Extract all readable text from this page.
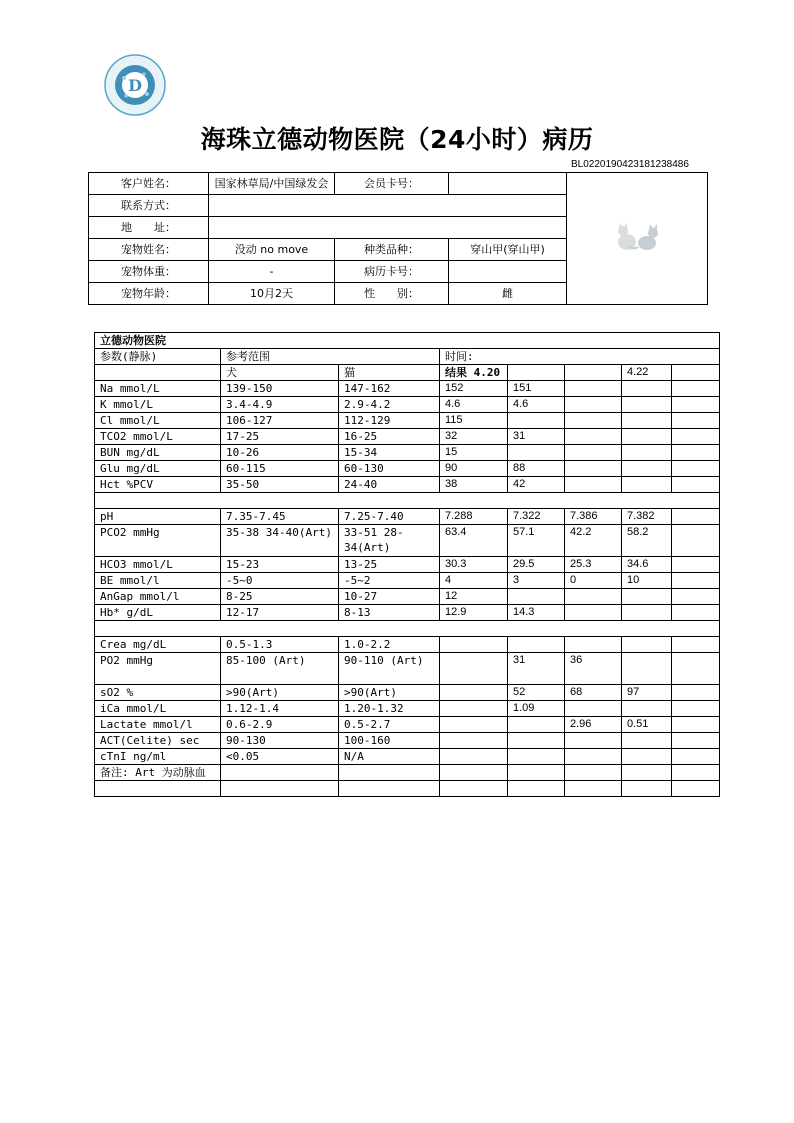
D
海珠立德动物医院（24小时）病历
BL0220190423181238486
客户姓名：	国家林草局/中国绿发会	会员卡号：		
联系方式：				
地　　址：				
宠物姓名：	没动 no move	种类品种：	穿山甲(穿山甲)	
宠物体重：	-	病历卡号：		
宠物年龄：	10月2天	性　　别：	雌	
立德动物医院							
参数(静脉)	参考范围		时间:				
	犬	猫	结果 4.20			4.22	
Na mmol/L	139-150	147-162	152	151			
K mmol/L	3.4-4.9	2.9-4.2	4.6	4.6			
Cl mmol/L	106-127	112-129	115				
TCO2 mmol/L	17-25	16-25	32	31			
BUN mg/dL	10-26	15-34	15				
Glu mg/dL	60-115	60-130	90	88			
Hct %PCV	35-50	24-40	38	42			

pH	7.35-7.45	7.25-7.40	7.288	7.322	7.386	7.382	
PCO2 mmHg	35-38 34-40(Art)	33-51 28-34(Art)	63.4	57.1	42.2	58.2	
HCO3 mmol/L	15-23	13-25	30.3	29.5	25.3	34.6	
BE mmol/l	-5~0	-5~2	4	3	0	10	
AnGap mmol/l	8-25	10-27	12				
Hb* g/dL	12-17	8-13	12.9	14.3			

Crea mg/dL	0.5-1.3	1.0-2.2					
PO2 mmHg	85-100 (Art)	90-110 (Art)		31	36		
sO2 %	>90(Art)	>90(Art)		52	68	97	
iCa mmol/L	1.12-1.4	1.20-1.32		1.09			
Lactate mmol/l	0.6-2.9	0.5-2.7			2.96	0.51	
ACT(Celite) sec	90-130	100-160					
cTnI ng/ml	<0.05	N/A					
备注: Art 为动脉血							
